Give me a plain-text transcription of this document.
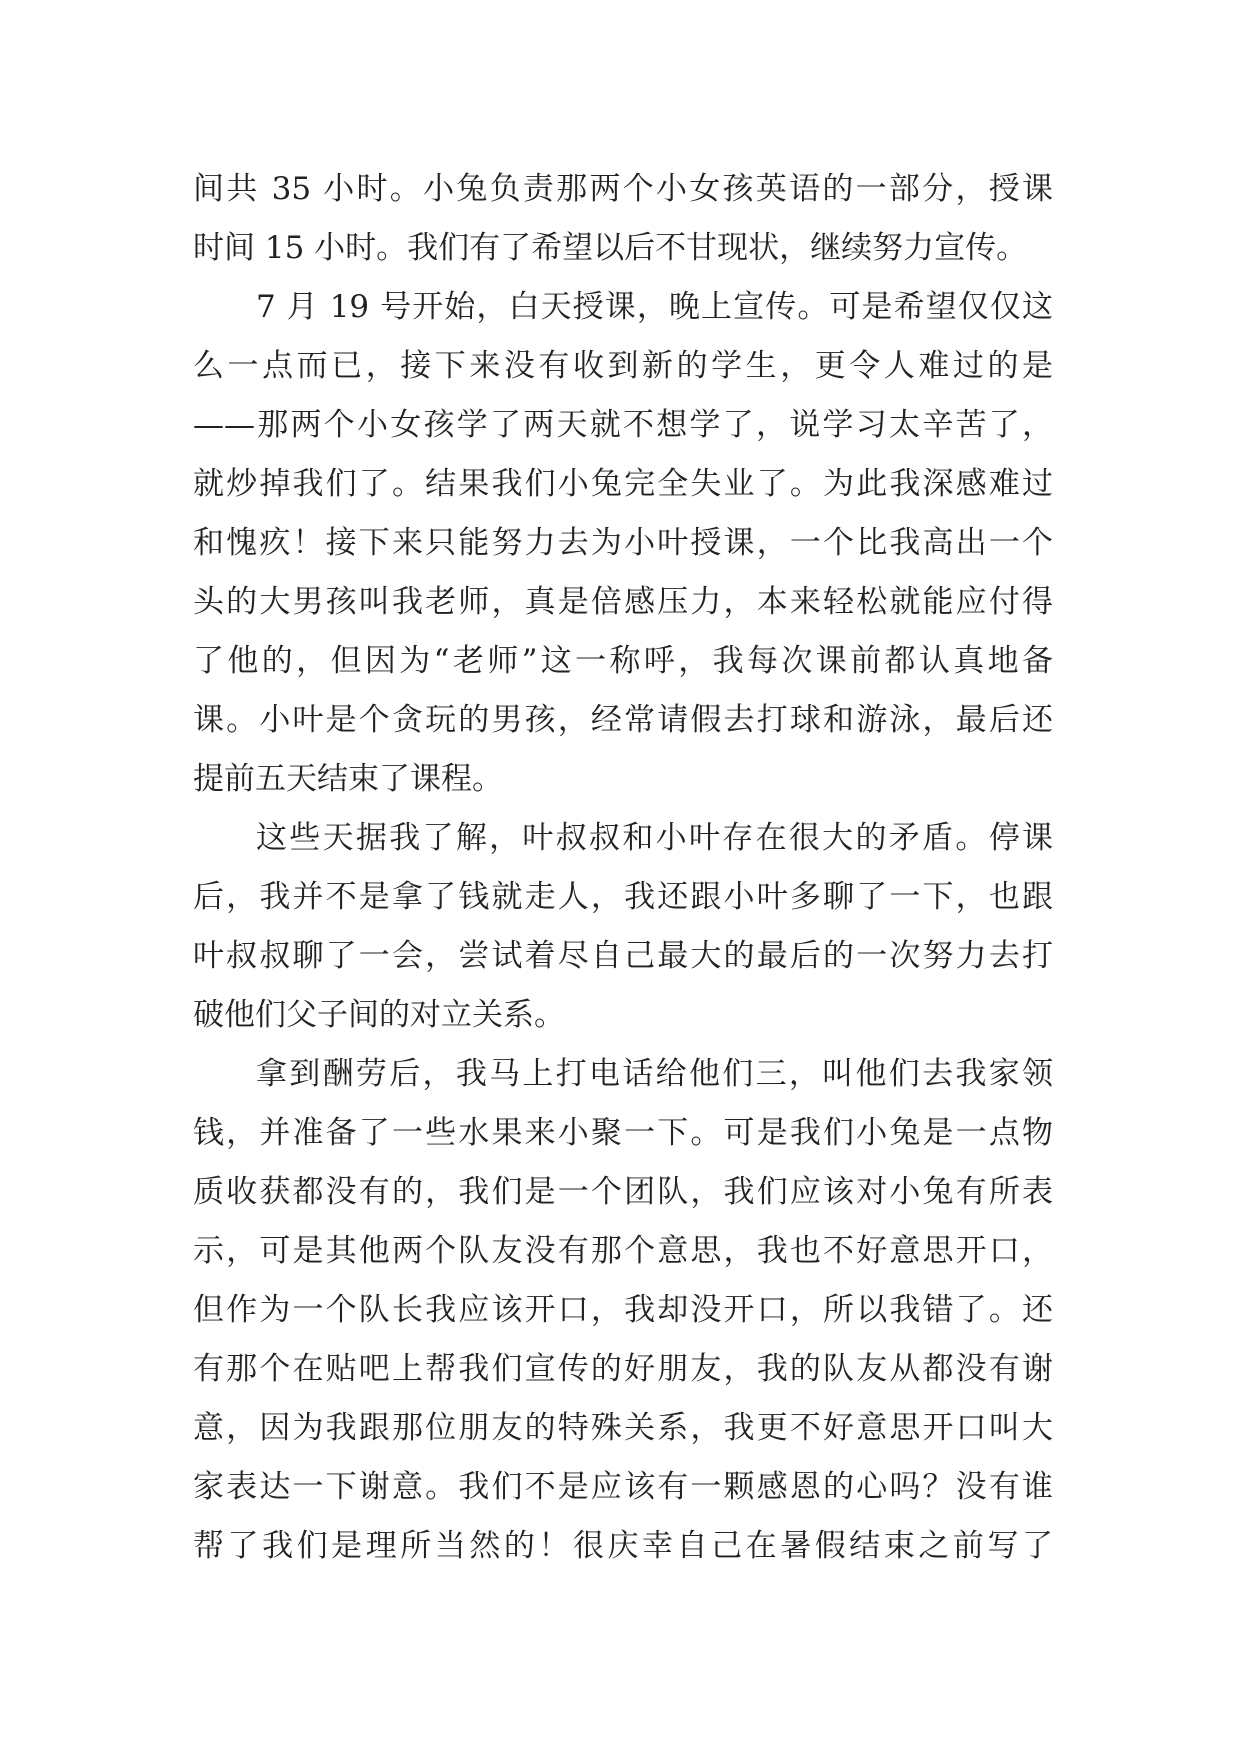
间共 35 小时。小兔负责那两个小女孩英语的一部分，授课
时间 15 小时。我们有了希望以后不甘现状，继续努力宣传。
7 月 19 号开始，白天授课，晚上宣传。可是希望仅仅这
么一点而已，接下来没有收到新的学生，更令人难过的是
——那两个小女孩学了两天就不想学了，说学习太辛苦了，
就炒掉我们了。结果我们小兔完全失业了。为此我深感难过
和愧疚！接下来只能努力去为小叶授课，一个比我高出一个
头的大男孩叫我老师，真是倍感压力，本来轻松就能应付得
了他的，但因为“老师”这一称呼，我每次课前都认真地备
课。小叶是个贪玩的男孩，经常请假去打球和游泳，最后还
提前五天结束了课程。
这些天据我了解，叶叔叔和小叶存在很大的矛盾。停课
后，我并不是拿了钱就走人，我还跟小叶多聊了一下，也跟
叶叔叔聊了一会，尝试着尽自己最大的最后的一次努力去打
破他们父子间的对立关系。
拿到酬劳后，我马上打电话给他们三，叫他们去我家领
钱，并准备了一些水果来小聚一下。可是我们小兔是一点物
质收获都没有的，我们是一个团队，我们应该对小兔有所表
示，可是其他两个队友没有那个意思，我也不好意思开口，
但作为一个队长我应该开口，我却没开口，所以我错了。还
有那个在贴吧上帮我们宣传的好朋友，我的队友从都没有谢
意，因为我跟那位朋友的特殊关系，我更不好意思开口叫大
家表达一下谢意。我们不是应该有一颗感恩的心吗？没有谁
帮了我们是理所当然的！很庆幸自己在暑假结束之前写了
